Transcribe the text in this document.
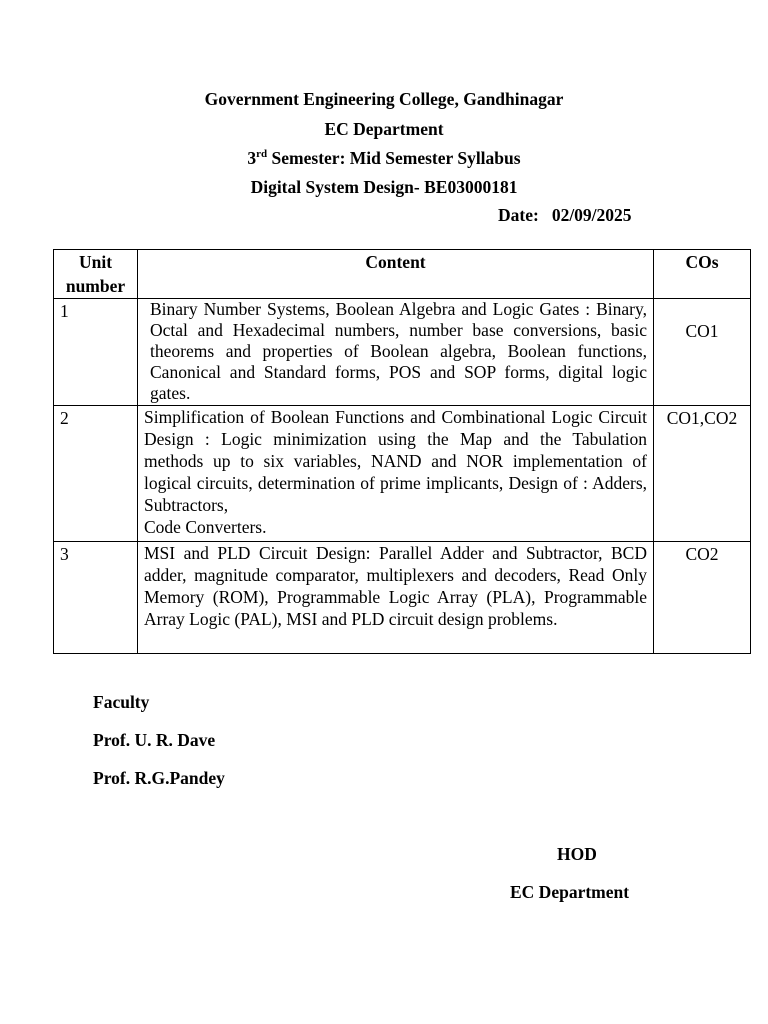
Government Engineering College, Gandhinagar
EC Department
3rd Semester: Mid Semester Syllabus
Digital System Design- BE03000181
Date: 02/09/2025
Unit
number	Content	COs
1	Binary Number Systems, Boolean Algebra and Logic Gates : Binary, Octal and Hexadecimal numbers, number base conversions, basic theorems and properties of Boolean algebra, Boolean functions, Canonical and Standard forms, POS and SOP forms, digital logic gates.	CO1

2	Simplification of Boolean Functions and Combinational Logic Circuit Design : Logic minimization using the Map and the Tabulation methods up to six variables, NAND and NOR implementation of logical circuits, determination of prime implicants, Design of : Adders, Subtractors,
Code Converters.	CO1,CO2

3	MSI and PLD Circuit Design: Parallel Adder and Subtractor, BCD adder, magnitude comparator, multiplexers and decoders, Read Only Memory (ROM), Programmable Logic Array (PLA), Programmable Array Logic (PAL), MSI and PLD circuit design problems.	CO2
Faculty
Prof. U. R. Dave
Prof. R.G.Pandey
HOD
EC Department
